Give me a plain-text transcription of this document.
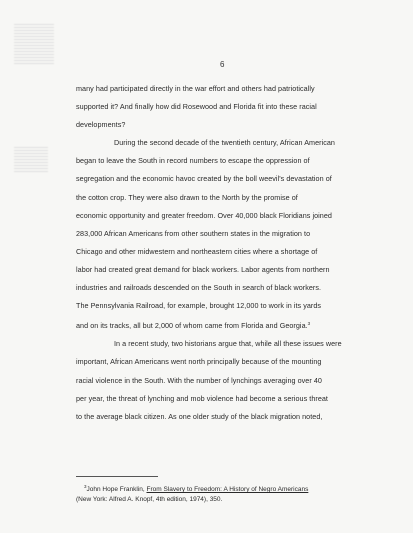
6
many had participated directly in the war effort and others had patriotically
supported it? And finally how did Rosewood and Florida fit into these racial
developments?
During the second decade of the twentieth century, African American
began to leave the South in record numbers to escape the oppression of
segregation and the economic havoc created by the boll weevil's devastation of
the cotton crop. They were also drawn to the North by the promise of
economic opportunity and greater freedom. Over 40,000 black Floridians joined
283,000 African Americans from other southern states in the migration to
Chicago and other midwestern and northeastern cities where a shortage of
labor had created great demand for black workers. Labor agents from northern
industries and railroads descended on the South in search of black workers.
The Pennsylvania Railroad, for example, brought 12,000 to work in its yards
and on its tracks, all but 2,000 of whom came from Florida and Georgia.$^3$
In a recent study, two historians argue that, while all these issues were
important, African Americans went north principally because of the mounting
racial violence in the South. With the number of lynchings averaging over 40
per year, the threat of lynching and mob violence had become a serious threat
to the average black citizen. As one older study of the black migration noted,
$^3$John Hope Franklin, From Slavery to Freedom: A History of Negro Americans
(New York: Alfred A. Knopf, 4th edition, 1974), 350.
